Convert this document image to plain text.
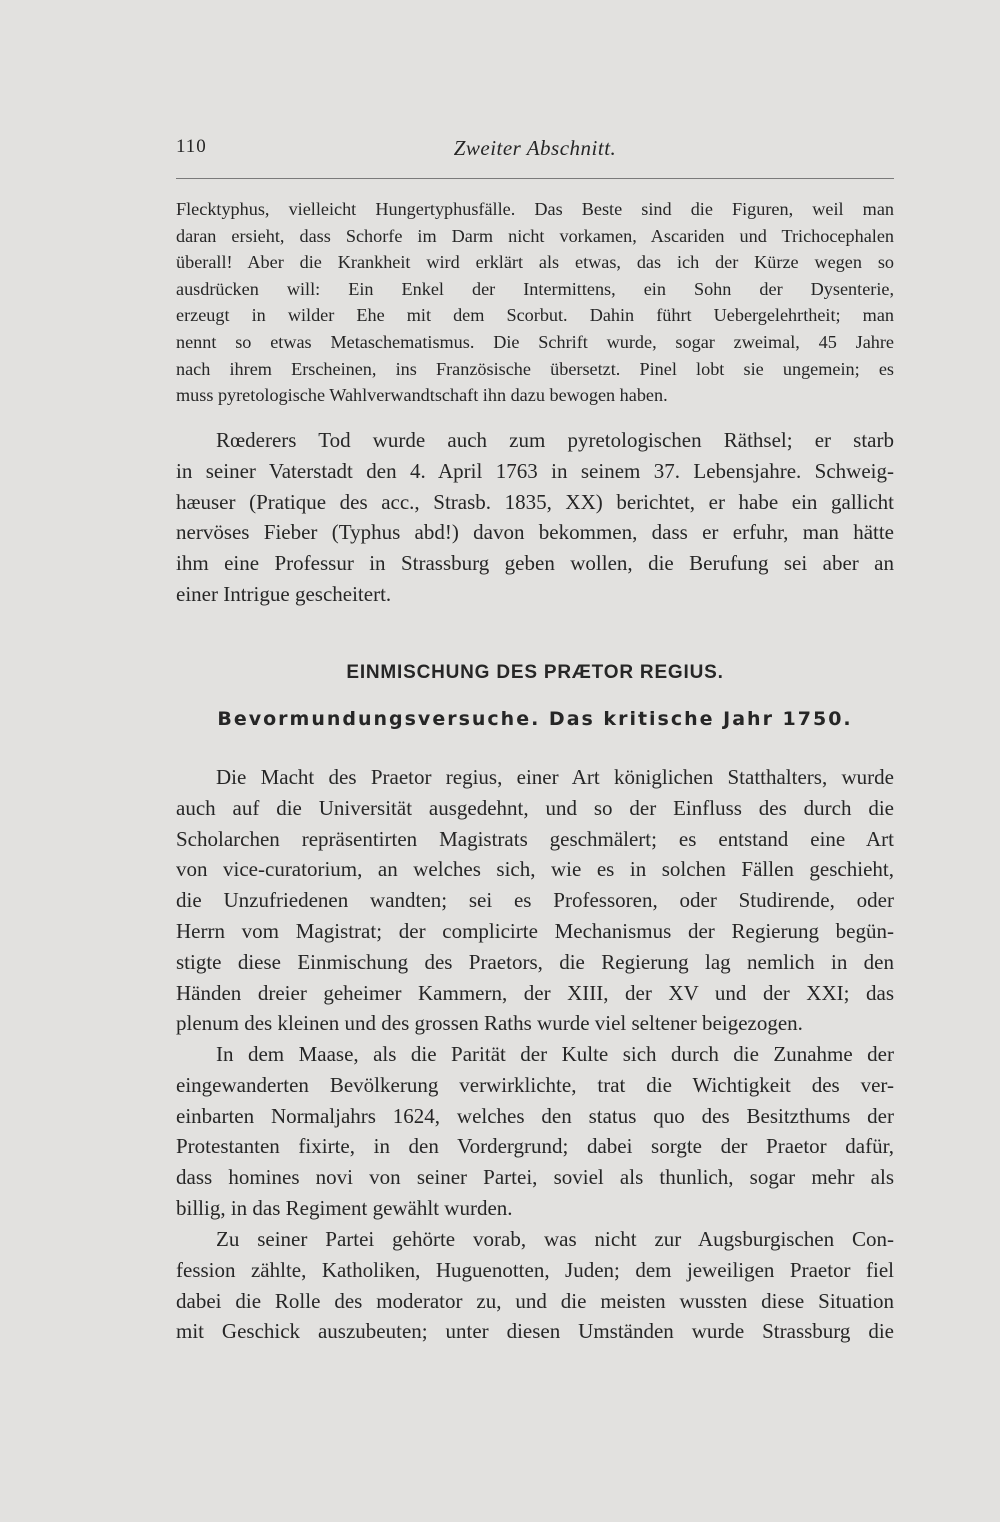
110	Zweiter Abschnitt.
Flecktyphus, vielleicht Hungertyphusfälle. Das Beste sind die Figuren, weil man
daran ersieht, dass Schorfe im Darm nicht vorkamen, Ascariden und Trichocephalen
überall! Aber die Krankheit wird erklärt als etwas, das ich der Kürze wegen so
ausdrücken will: Ein Enkel der Intermittens, ein Sohn der Dysenterie,
erzeugt in wilder Ehe mit dem Scorbut. Dahin führt Uebergelehrtheit; man
nennt so etwas Metaschematismus. Die Schrift wurde, sogar zweimal, 45 Jahre
nach ihrem Erscheinen, ins Französische übersetzt. Pinel lobt sie ungemein; es
muss pyretologische Wahlverwandtschaft ihn dazu bewogen haben.
Rœderers Tod wurde auch zum pyretologischen Räthsel; er starb
in seiner Vaterstadt den 4. April 1763 in seinem 37. Lebensjahre. Schweig-
hæuser (Pratique des acc., Strasb. 1835, XX) berichtet, er habe ein gallicht
nervöses Fieber (Typhus abd!) davon bekommen, dass er erfuhr, man hätte
ihm eine Professur in Strassburg geben wollen, die Berufung sei aber an
einer Intrigue gescheitert.
EINMISCHUNG DES PRÆTOR REGIUS.
Bevormundungsversuche. Das kritische Jahr 1750.
Die Macht des Praetor regius, einer Art königlichen Statthalters, wurde
auch auf die Universität ausgedehnt, und so der Einfluss des durch die
Scholarchen repräsentirten Magistrats geschmälert; es entstand eine Art
von vice-curatorium, an welches sich, wie es in solchen Fällen geschieht,
die Unzufriedenen wandten; sei es Professoren, oder Studirende, oder
Herrn vom Magistrat; der complicirte Mechanismus der Regierung begün-
stigte diese Einmischung des Praetors, die Regierung lag nemlich in den
Händen dreier geheimer Kammern, der XIII, der XV und der XXI; das
plenum des kleinen und des grossen Raths wurde viel seltener beigezogen.
In dem Maase, als die Parität der Kulte sich durch die Zunahme der
eingewanderten Bevölkerung verwirklichte, trat die Wichtigkeit des ver-
einbarten Normaljahrs 1624, welches den status quo des Besitzthums der
Protestanten fixirte, in den Vordergrund; dabei sorgte der Praetor dafür,
dass homines novi von seiner Partei, soviel als thunlich, sogar mehr als
billig, in das Regiment gewählt wurden.
Zu seiner Partei gehörte vorab, was nicht zur Augsburgischen Con-
fession zählte, Katholiken, Huguenotten, Juden; dem jeweiligen Praetor fiel
dabei die Rolle des moderator zu, und die meisten wussten diese Situation
mit Geschick auszubeuten; unter diesen Umständen wurde Strassburg die
